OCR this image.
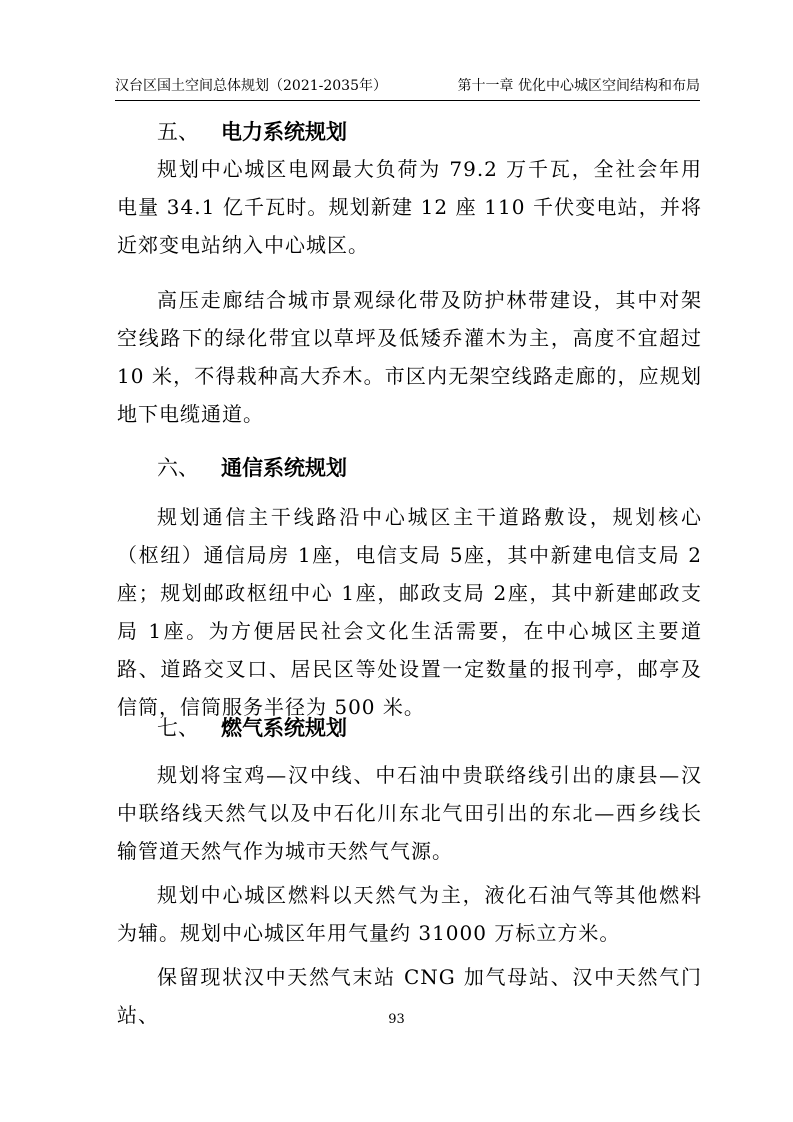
汉台区国土空间总体规划（2021-2035年）	第十一章 优化中心城区空间结构和布局

五、 电力系统规划

规划中心城区电网最大负荷为 79.2 万千瓦，全社会年用电量 34.1 亿千瓦时。规划新建 12 座 110 千伏变电站，并将近郊变电站纳入中心城区。

高压走廊结合城市景观绿化带及防护林带建设，其中对架空线路下的绿化带宜以草坪及低矮乔灌木为主，高度不宜超过 10 米，不得栽种高大乔木。市区内无架空线路走廊的，应规划地下电缆通道。

六、 通信系统规划

规划通信主干线路沿中心城区主干道路敷设，规划核心（枢纽）通信局房 1座，电信支局 5座，其中新建电信支局 2座；规划邮政枢纽中心 1座，邮政支局 2座，其中新建邮政支局 1座。为方便居民社会文化生活需要，在中心城区主要道路、道路交叉口、居民区等处设置一定数量的报刊亭，邮亭及信筒，信筒服务半径为 500 米。

七、 燃气系统规划

规划将宝鸡—汉中线、中石油中贵联络线引出的康县—汉中联络线天然气以及中石化川东北气田引出的东北—西乡线长输管道天然气作为城市天然气气源。

规划中心城区燃料以天然气为主，液化石油气等其他燃料为辅。规划中心城区年用气量约 31000 万标立方米。

保留现状汉中天然气末站 CNG 加气母站、汉中天然气门站、	93
